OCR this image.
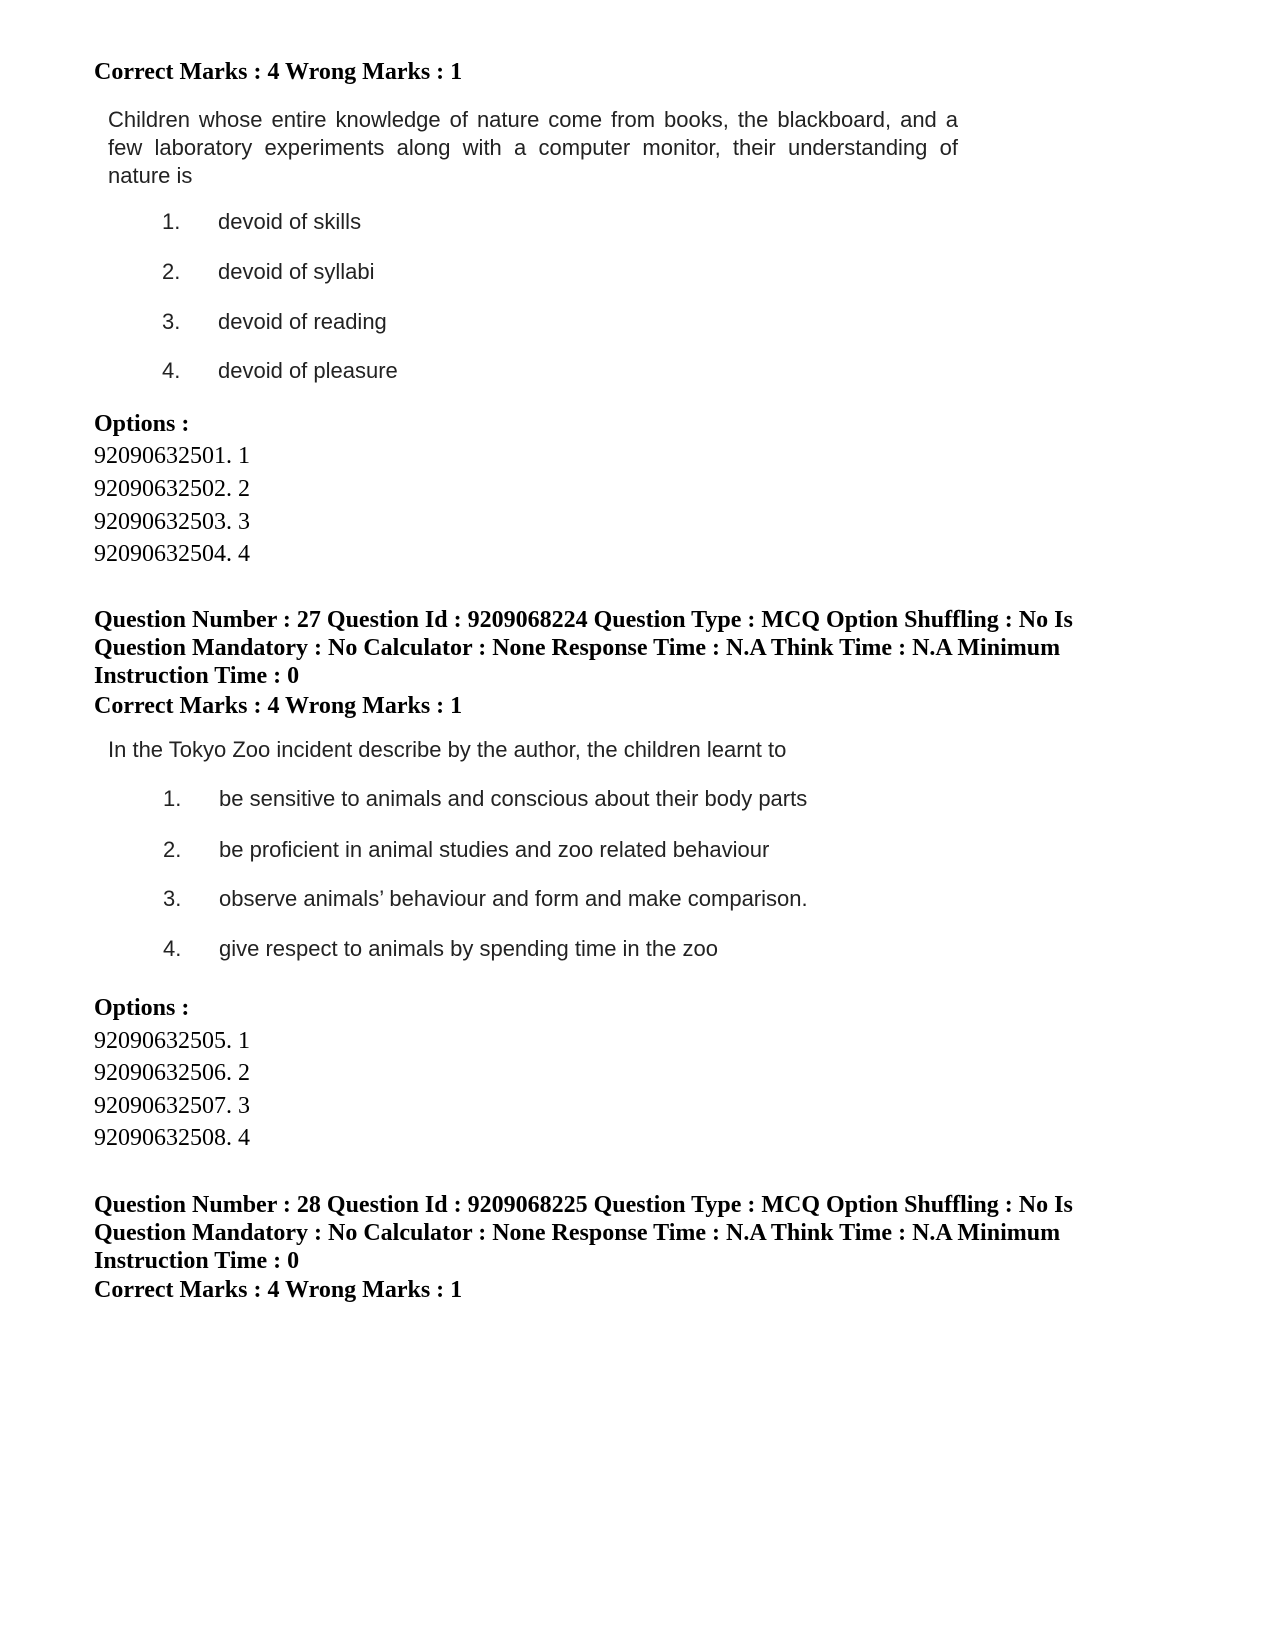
Correct Marks : 4 Wrong Marks : 1
Children whose entire knowledge of nature come from books, the blackboard, and a few laboratory experiments along with a computer monitor, their understanding of nature is
1. devoid of skills
2. devoid of syllabi
3. devoid of reading
4. devoid of pleasure
Options :
92090632501. 1
92090632502. 2
92090632503. 3
92090632504. 4
Question Number : 27 Question Id : 9209068224 Question Type : MCQ Option Shuffling : No Is Question Mandatory : No Calculator : None Response Time : N.A Think Time : N.A Minimum Instruction Time : 0
Correct Marks : 4 Wrong Marks : 1
In the Tokyo Zoo incident describe by the author, the children learnt to
1. be sensitive to animals and conscious about their body parts
2. be proficient in animal studies and zoo related behaviour
3. observe animals’ behaviour and form and make comparison.
4. give respect to animals by spending time in the zoo
Options :
92090632505. 1
92090632506. 2
92090632507. 3
92090632508. 4
Question Number : 28 Question Id : 9209068225 Question Type : MCQ Option Shuffling : No Is Question Mandatory : No Calculator : None Response Time : N.A Think Time : N.A Minimum Instruction Time : 0
Correct Marks : 4 Wrong Marks : 1
